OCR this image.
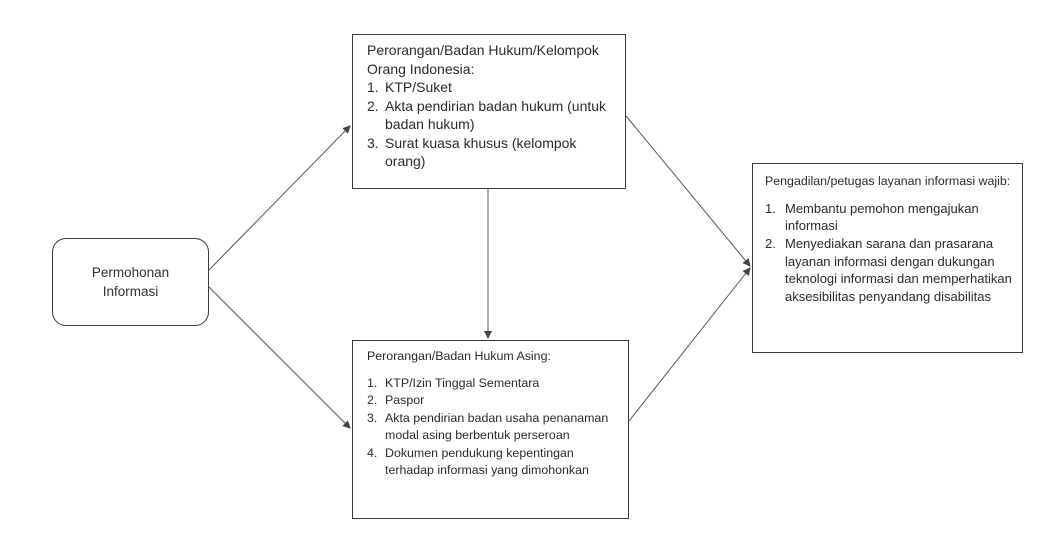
Permohonan
Informasi
Perorangan/Badan Hukum/Kelompok
Orang Indonesia:
1. KTP/Suket
2. Akta pendirian badan hukum (untuk badan hukum)
3. Surat kuasa khusus (kelompok orang)
Perorangan/Badan Hukum Asing:
1. KTP/Izin Tinggal Sementara
2. Paspor
3. Akta pendirian badan usaha penanaman modal asing berbentuk perseroan
4. Dokumen pendukung kepentingan terhadap informasi yang dimohonkan
Pengadilan/petugas layanan informasi wajib:
1. Membantu pemohon mengajukan informasi
2. Menyediakan sarana dan prasarana layanan informasi dengan dukungan teknologi informasi dan memperhatikan aksesibilitas penyandang disabilitas
